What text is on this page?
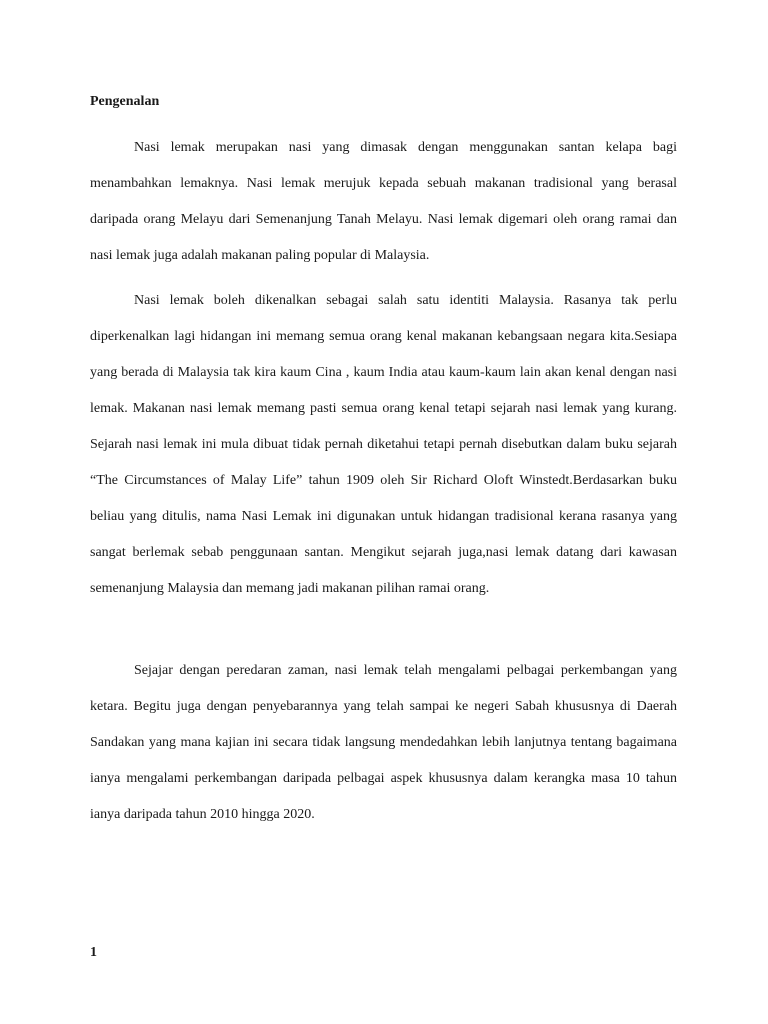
Pengenalan

Nasi lemak merupakan nasi yang dimasak dengan menggunakan santan kelapa bagi menambahkan lemaknya. Nasi lemak merujuk kepada sebuah makanan tradisional yang berasal daripada orang Melayu dari Semenanjung Tanah Melayu. Nasi lemak digemari oleh orang ramai dan nasi lemak juga adalah makanan paling popular di Malaysia.

Nasi lemak boleh dikenalkan sebagai salah satu identiti Malaysia. Rasanya tak perlu diperkenalkan lagi hidangan ini memang semua orang kenal makanan kebangsaan negara kita.Sesiapa yang berada di Malaysia tak kira kaum Cina , kaum India atau kaum-kaum lain akan kenal dengan nasi lemak. Makanan nasi lemak memang pasti semua orang kenal tetapi sejarah nasi lemak yang kurang. Sejarah nasi lemak ini mula dibuat tidak pernah diketahui tetapi pernah disebutkan dalam buku sejarah “The Circumstances of Malay Life” tahun 1909 oleh Sir Richard Oloft Winstedt.Berdasarkan buku beliau yang ditulis, nama Nasi Lemak ini digunakan untuk hidangan tradisional kerana rasanya yang sangat berlemak sebab penggunaan santan. Mengikut sejarah juga,nasi lemak datang dari kawasan semenanjung Malaysia dan memang jadi makanan pilihan ramai orang.

Sejajar dengan peredaran zaman, nasi lemak telah mengalami pelbagai perkembangan yang ketara. Begitu juga dengan penyebarannya yang telah sampai ke negeri Sabah khususnya di Daerah Sandakan yang mana kajian ini secara tidak langsung mendedahkan lebih lanjutnya tentang bagaimana ianya mengalami perkembangan daripada pelbagai aspek khususnya dalam kerangka masa 10 tahun ianya daripada tahun 2010 hingga 2020.

1
